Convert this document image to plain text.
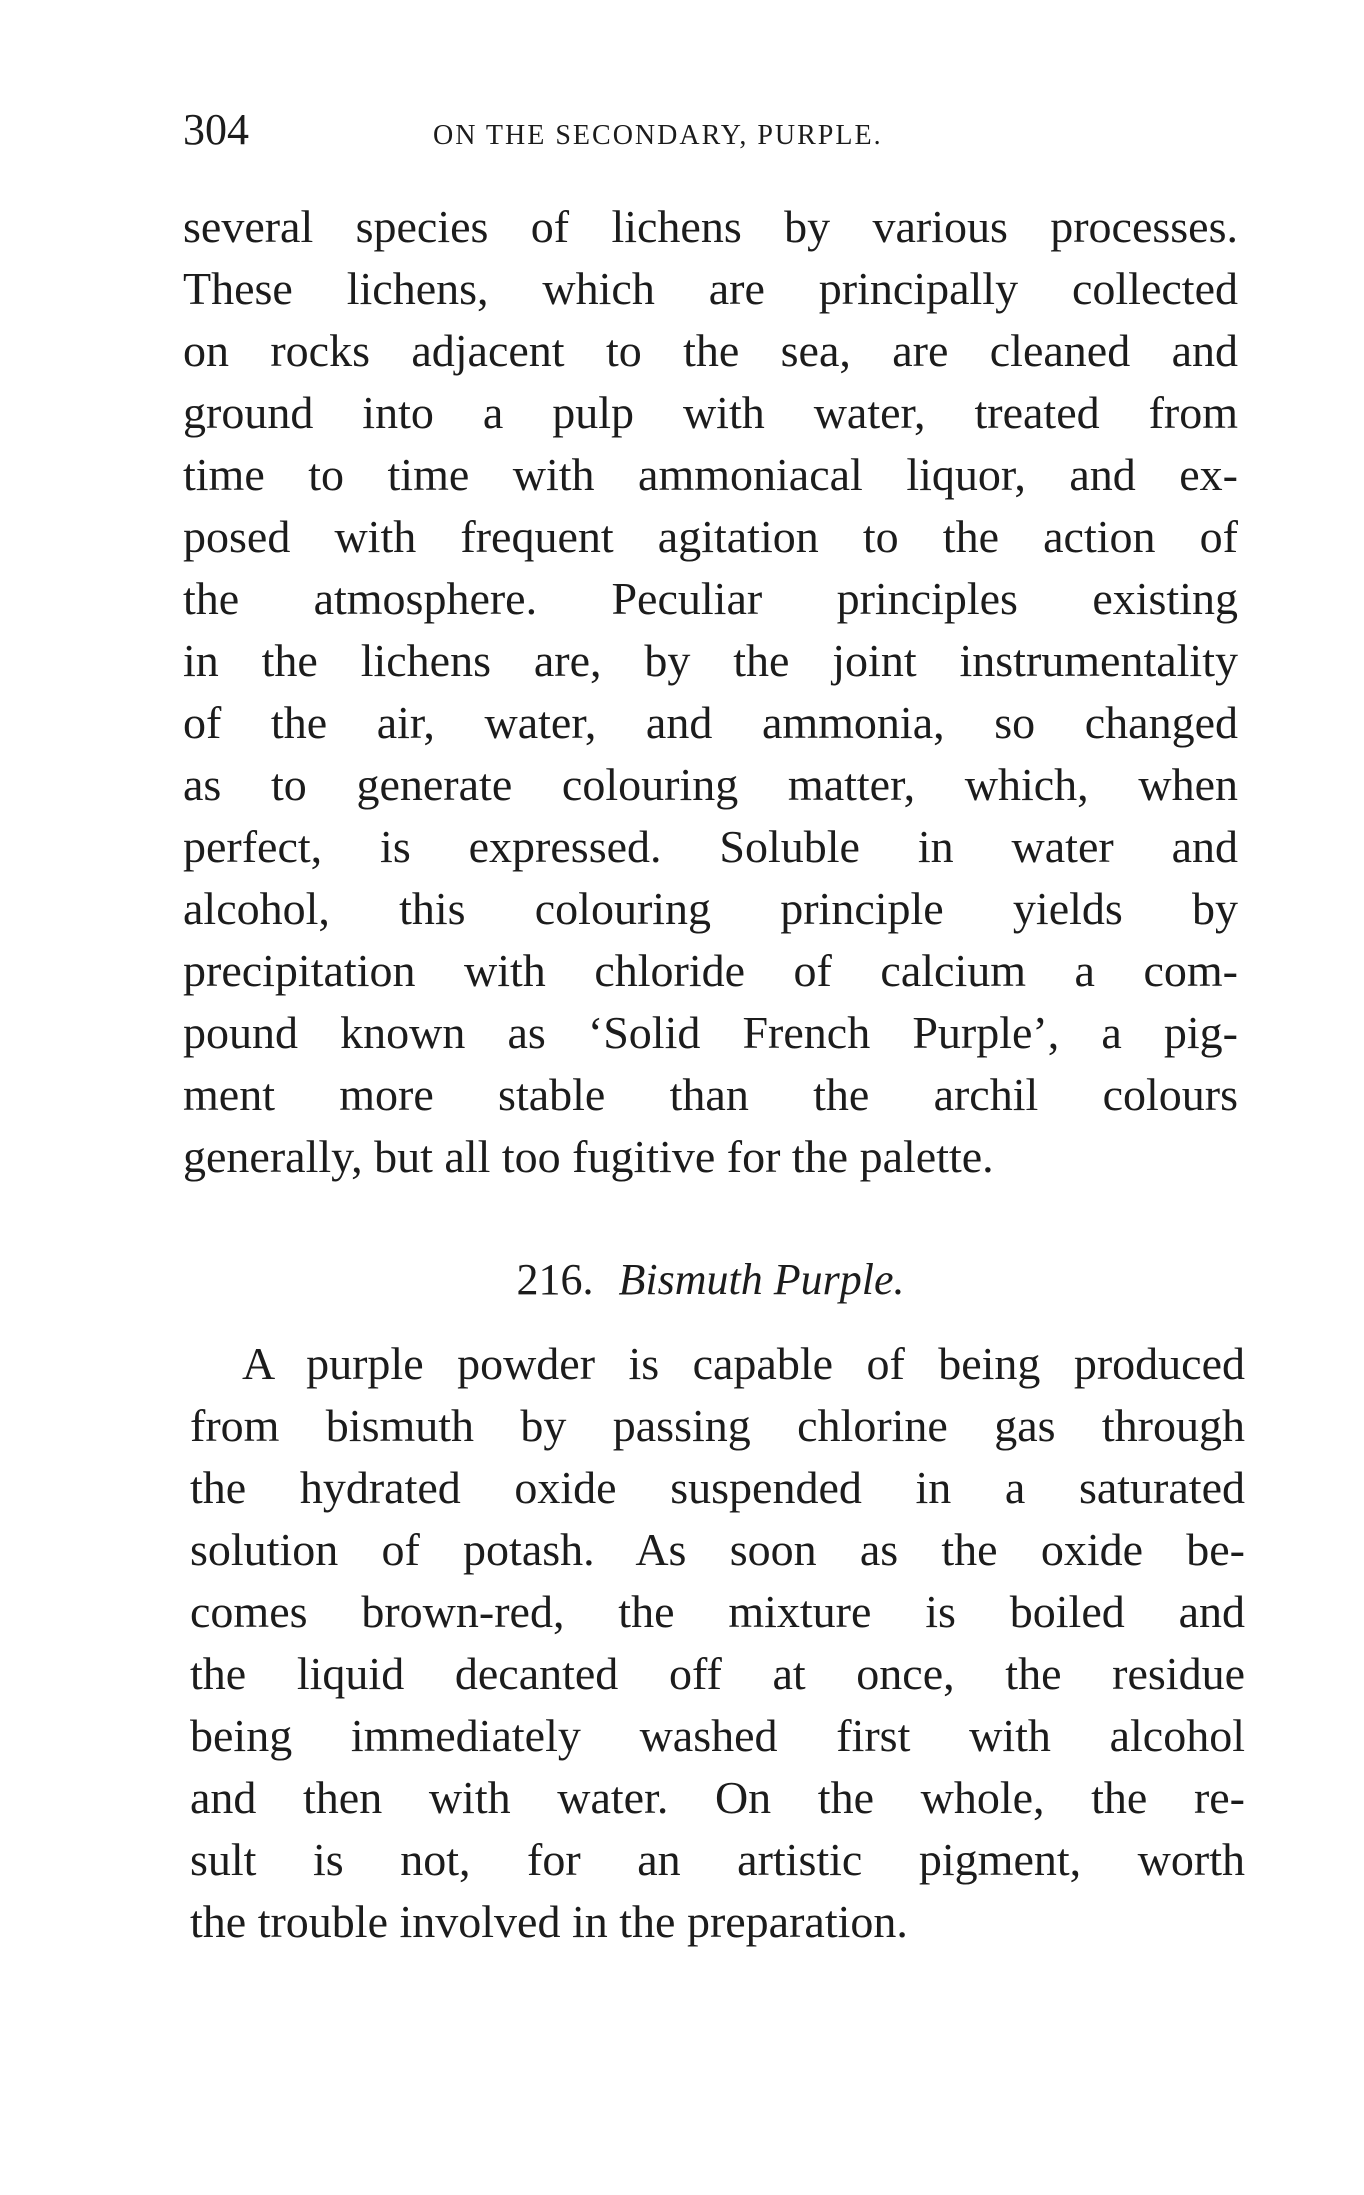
304	ON THE SECONDARY, PURPLE.
several species of lichens by various processes.
These lichens, which are principally collected
on rocks adjacent to the sea, are cleaned and
ground into a pulp with water, treated from
time to time with ammoniacal liquor, and ex-
posed with frequent agitation to the action of
the atmosphere. Peculiar principles existing
in the lichens are, by the joint instrumentality
of the air, water, and ammonia, so changed
as to generate colouring matter, which, when
perfect, is expressed. Soluble in water and
alcohol, this colouring principle yields by
precipitation with chloride of calcium a com-
pound known as ‘Solid French Purple’, a pig-
ment more stable than the archil colours
generally, but all too fugitive for the palette.
216. Bismuth Purple.
A purple powder is capable of being produced
from bismuth by passing chlorine gas through
the hydrated oxide suspended in a saturated
solution of potash. As soon as the oxide be-
comes brown-red, the mixture is boiled and
the liquid decanted off at once, the residue
being immediately washed first with alcohol
and then with water. On the whole, the re-
sult is not, for an artistic pigment, worth
the trouble involved in the preparation.
